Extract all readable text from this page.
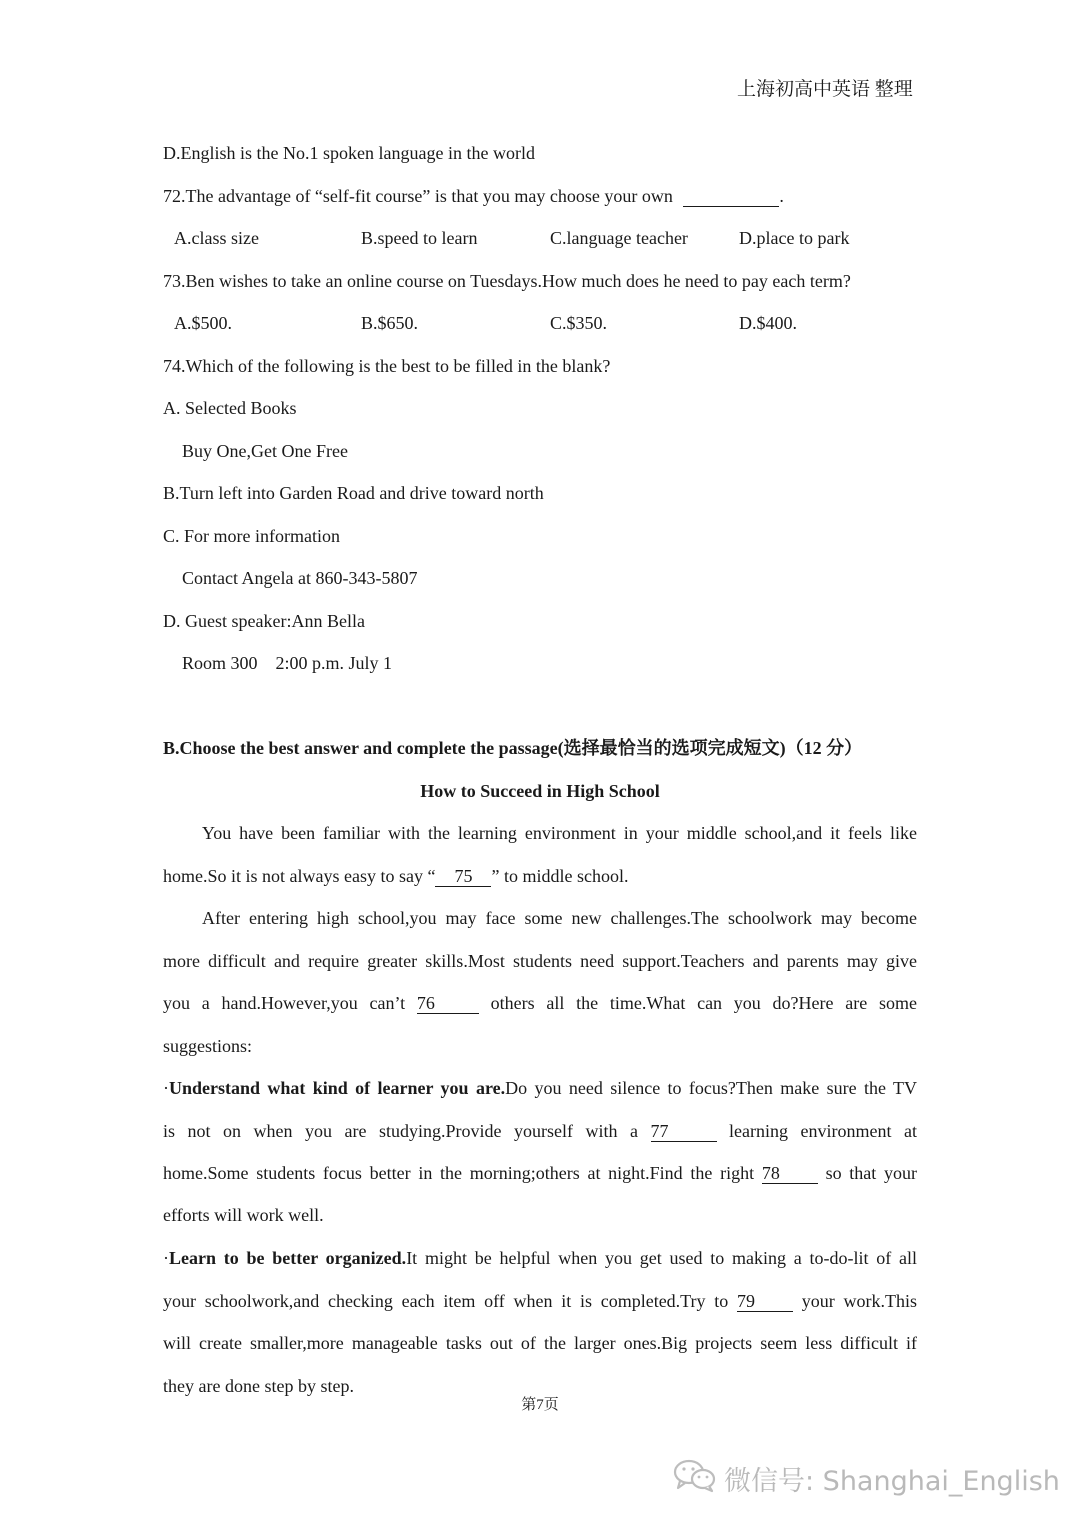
上海初高中英语 整理
D.English is the No.1 spoken language in the world
72.The advantage of “self-fit course” is that you may choose your own	.
A.class size	B.speed to learn	C.language teacher	D.place to park
73.Ben wishes to take an online course on Tuesdays.How much does he need to pay each term?
A.$500.	B.$650.	C.$350.	D.$400.
74.Which of the following is the best to be filled in the blank?
A. Selected Books
Buy One,Get One Free
B.Turn left into Garden Road and drive toward north
C. For more information
Contact Angela at 860-343-5807
D. Guest speaker:Ann Bella
Room 300    2:00 p.m. July 1
B.Choose the best answer and complete the passage(选择最恰当的选项完成短文)（12 分）
How to Succeed in High School
You have been familiar with the learning environment in your middle school,and it feels like
home.So it is not always easy to say “ 75 ” to middle school.
After entering high school,you may face some new challenges.The schoolwork may become
more difficult and require greater skills.Most students need support.Teachers and parents may give
you a hand.However,you can’t 76	others all the time.What can you do?Here are some
suggestions:
·Understand what kind of learner you are.Do you need silence to focus?Then make sure the TV
is not on when you are studying.Provide yourself with a 77	learning environment at
home.Some students focus better in the morning;others at night.Find the right 78	so that your
efforts will work well.
·Learn to be better organized.It might be helpful when you get used to making a to-do-lit of all
your schoolwork,and checking each item off when it is completed.Try to 79	your work.This
will create smaller,more manageable tasks out of the larger ones.Big projects seem less difficult if
they are done step by step.
第7页
微信号: Shanghai_English
